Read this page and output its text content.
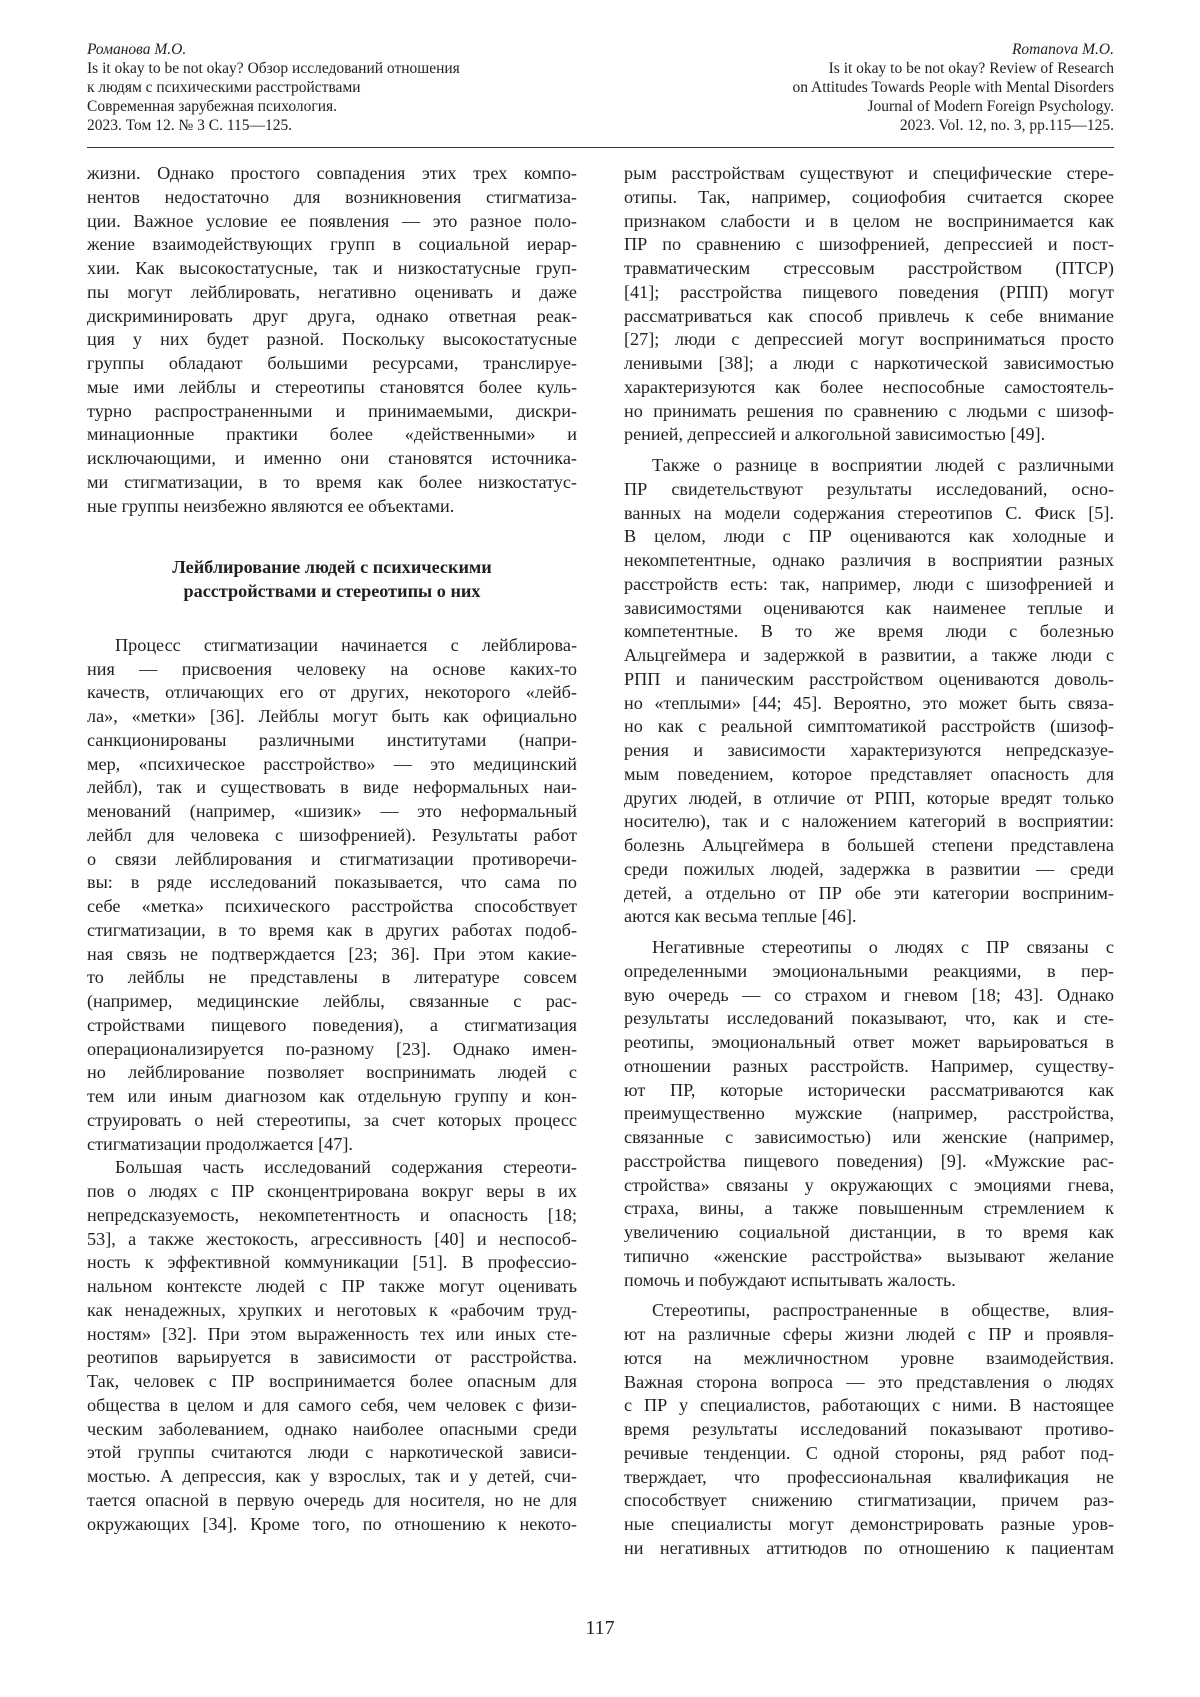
Романова М.О.
Is it okay to be not okay? Обзор исследований отношения
к людям с психическими расстройствами
Современная зарубежная психология.
2023. Том 12. № 3 С. 115—125.
Romanova M.O.
Is it okay to be not okay? Review of Research
on Attitudes Towards People with Mental Disorders
Journal of Modern Foreign Psychology.
2023. Vol. 12, no. 3, pp.115—125.
жизни. Однако простого совпадения этих трех компо-
нентов недостаточно для возникновения стигматиза-
ции. Важное условие ее появления — это разное поло-
жение взаимодействующих групп в социальной иерар-
хии. Как высокостатусные, так и низкостатусные груп-
пы могут лейблировать, негативно оценивать и даже
дискриминировать друг друга, однако ответная реак-
ция у них будет разной. Поскольку высокостатусные
группы обладают большими ресурсами, транслируе-
мые ими лейблы и стереотипы становятся более куль-
турно распространенными и принимаемыми, дискри-
минационные практики более «действенными» и
исключающими, и именно они становятся источника-
ми стигматизации, в то время как более низкостатус-
ные группы неизбежно являются ее объектами.
Лейблирование людей с психическими
расстройствами и стереотипы о них
Процесс стигматизации начинается с лейблирова-
ния — присвоения человеку на основе каких-то
качеств, отличающих его от других, некоторого «лейб-
ла», «метки» [36]. Лейблы могут быть как официально
санкционированы различными институтами (напри-
мер, «психическое расстройство» — это медицинский
лейбл), так и существовать в виде неформальных наи-
менований (например, «шизик» — это неформальный
лейбл для человека с шизофренией). Результаты работ
о связи лейблирования и стигматизации противоречи-
вы: в ряде исследований показывается, что сама по
себе «метка» психического расстройства способствует
стигматизации, в то время как в других работах подоб-
ная связь не подтверждается [23; 36]. При этом какие-
то лейблы не представлены в литературе совсем
(например, медицинские лейблы, связанные с рас-
стройствами пищевого поведения), а стигматизация
операционализируется по-разному [23]. Однако имен-
но лейблирование позволяет воспринимать людей с
тем или иным диагнозом как отдельную группу и кон-
струировать о ней стереотипы, за счет которых процесс
стигматизации продолжается [47].
Большая часть исследований содержания стереоти-
пов о людях с ПР сконцентрирована вокруг веры в их
непредсказуемость, некомпетентность и опасность [18;
53], а также жестокость, агрессивность [40] и неспособ-
ность к эффективной коммуникации [51]. В профессио-
нальном контексте людей с ПР также могут оценивать
как ненадежных, хрупких и неготовых к «рабочим труд-
ностям» [32]. При этом выраженность тех или иных сте-
реотипов варьируется в зависимости от расстройства.
Так, человек с ПР воспринимается более опасным для
общества в целом и для самого себя, чем человек с физи-
ческим заболеванием, однако наиболее опасными среди
этой группы считаются люди с наркотической зависи-
мостью. А депрессия, как у взрослых, так и у детей, счи-
тается опасной в первую очередь для носителя, но не для
окружающих [34]. Кроме того, по отношению к некото-
рым расстройствам существуют и специфические стере-
отипы. Так, например, социофобия считается скорее
признаком слабости и в целом не воспринимается как
ПР по сравнению с шизофренией, депрессией и пост-
травматическим стрессовым расстройством (ПТСР)
[41]; расстройства пищевого поведения (РПП) могут
рассматриваться как способ привлечь к себе внимание
[27]; люди с депрессией могут восприниматься просто
ленивыми [38]; а люди с наркотической зависимостью
характеризуются как более неспособные самостоятель-
но принимать решения по сравнению с людьми с шизоф-
ренией, депрессией и алкогольной зависимостью [49].
Также о разнице в восприятии людей с различными
ПР свидетельствуют результаты исследований, осно-
ванных на модели содержания стереотипов С. Фиск [5].
В целом, люди с ПР оцениваются как холодные и
некомпетентные, однако различия в восприятии разных
расстройств есть: так, например, люди с шизофренией и
зависимостями оцениваются как наименее теплые и
компетентные. В то же время люди с болезнью
Альцгеймера и задержкой в развитии, а также люди с
РПП и паническим расстройством оцениваются доволь-
но «теплыми» [44; 45]. Вероятно, это может быть связа-
но как с реальной симптоматикой расстройств (шизоф-
рения и зависимости характеризуются непредсказуе-
мым поведением, которое представляет опасность для
других людей, в отличие от РПП, которые вредят только
носителю), так и с наложением категорий в восприятии:
болезнь Альцгеймера в большей степени представлена
среди пожилых людей, задержка в развитии — среди
детей, а отдельно от ПР обе эти категории восприним-
аются как весьма теплые [46].
Негативные стереотипы о людях с ПР связаны с
определенными эмоциональными реакциями, в пер-
вую очередь — со страхом и гневом [18; 43]. Однако
результаты исследований показывают, что, как и сте-
реотипы, эмоциональный ответ может варьироваться в
отношении разных расстройств. Например, существу-
ют ПР, которые исторически рассматриваются как
преимущественно мужские (например, расстройства,
связанные с зависимостью) или женские (например,
расстройства пищевого поведения) [9]. «Мужские рас-
стройства» связаны у окружающих с эмоциями гнева,
страха, вины, а также повышенным стремлением к
увеличению социальной дистанции, в то время как
типично «женские расстройства» вызывают желание
помочь и побуждают испытывать жалость.
Стереотипы, распространенные в обществе, влия-
ют на различные сферы жизни людей с ПР и проявля-
ются на межличностном уровне взаимодействия.
Важная сторона вопроса — это представления о людях
с ПР у специалистов, работающих с ними. В настоящее
время результаты исследований показывают противо-
речивые тенденции. С одной стороны, ряд работ под-
тверждает, что профессиональная квалификация не
способствует снижению стигматизации, причем раз-
ные специалисты могут демонстрировать разные уров-
ни негативных аттитюдов по отношению к пациентам
117
